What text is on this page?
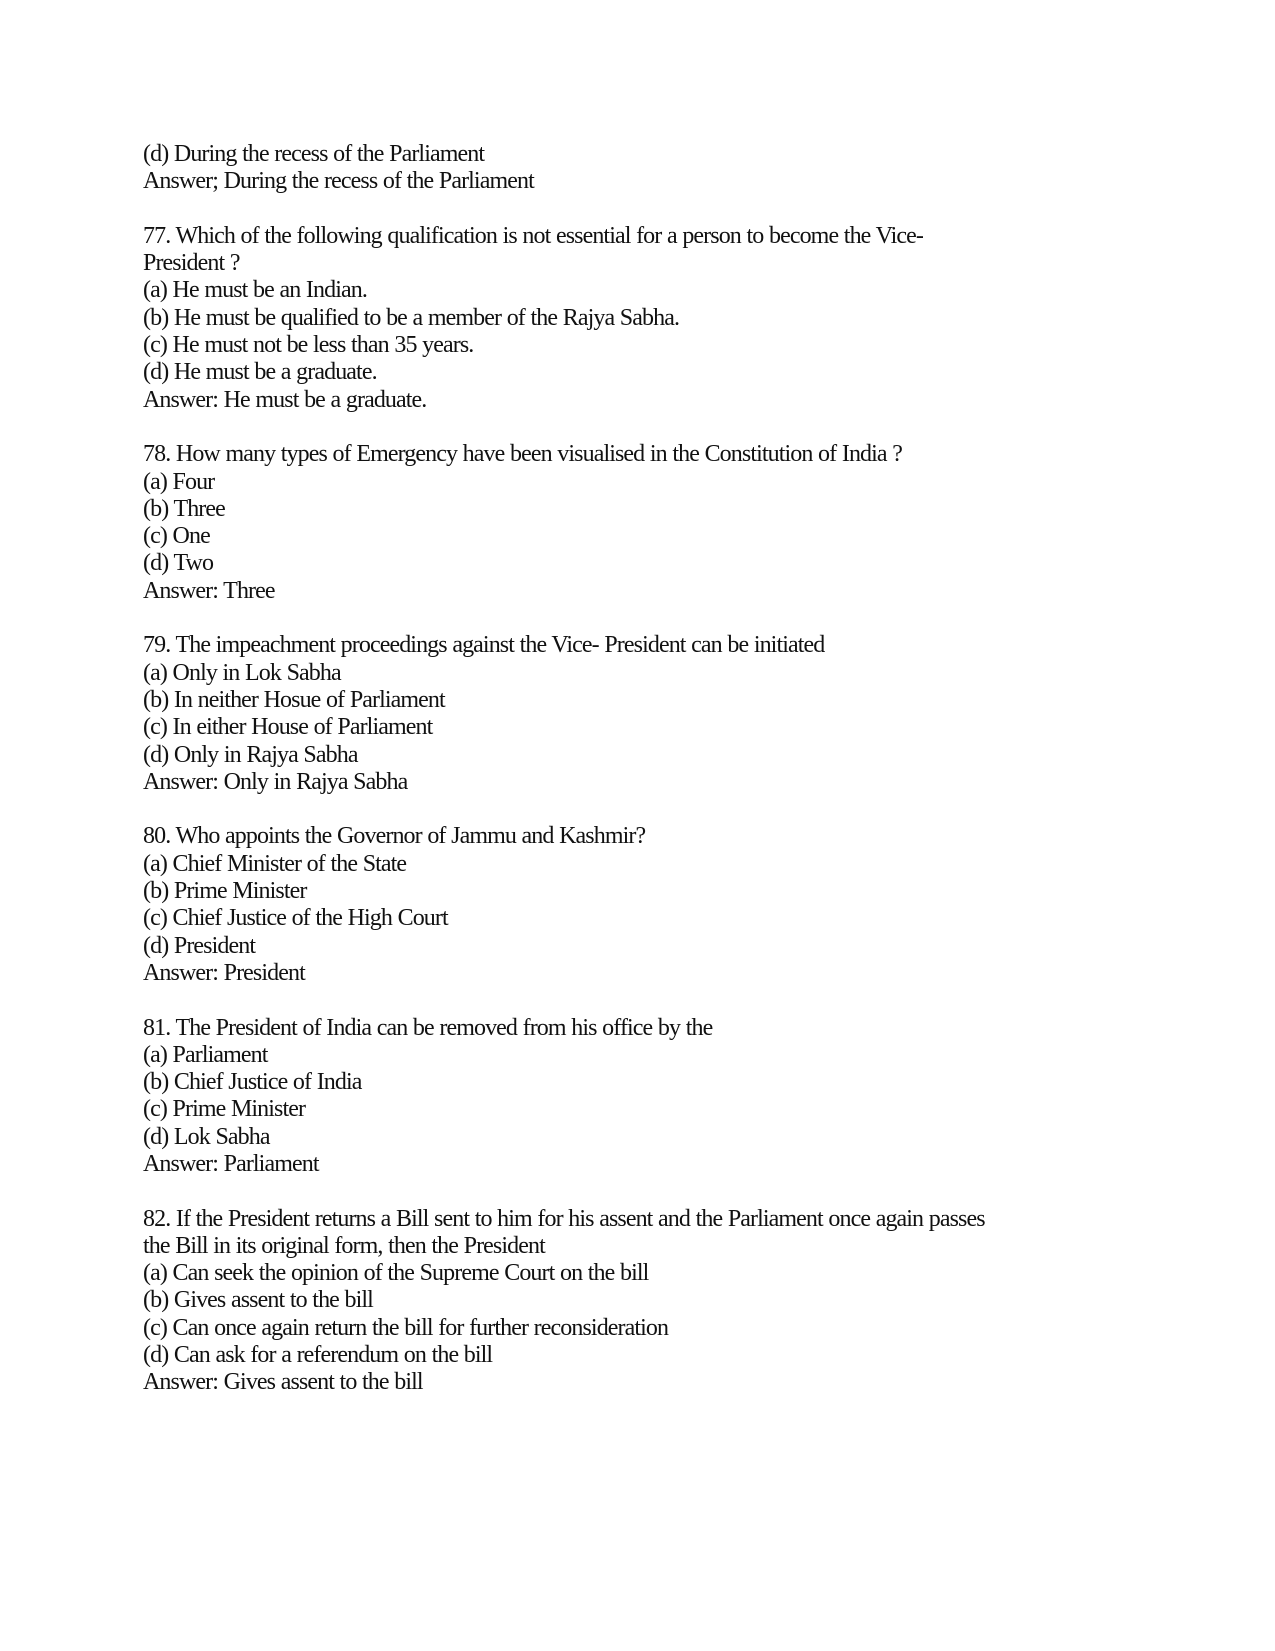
(d) During the recess of the Parliament
Answer; During the recess of the Parliament
77. Which of the following qualification is not essential for a person to become the Vice-
President ?
(a) He must be an Indian.
(b) He must be qualified to be a member of the Rajya Sabha.
(c) He must not be less than 35 years.
(d) He must be a graduate.
Answer: He must be a graduate.
78. How many types of Emergency have been visualised in the Constitution of India ?
(a) Four
(b) Three
(c) One
(d) Two
Answer: Three
79. The impeachment proceedings against the Vice- President can be initiated
(a) Only in Lok Sabha
(b) In neither Hosue of Parliament
(c) In either House of Parliament
(d) Only in Rajya Sabha
Answer: Only in Rajya Sabha
80. Who appoints the Governor of Jammu and Kashmir?
(a) Chief Minister of the State
(b) Prime Minister
(c) Chief Justice of the High Court
(d) President
Answer: President
81. The President of India can be removed from his office by the
(a) Parliament
(b) Chief Justice of India
(c) Prime Minister
(d) Lok Sabha
Answer: Parliament
82. If the President returns a Bill sent to him for his assent and the Parliament once again passes
the Bill in its original form, then the President
(a) Can seek the opinion of the Supreme Court on the bill
(b) Gives assent to the bill
(c) Can once again return the bill for further reconsideration
(d) Can ask for a referendum on the bill
Answer: Gives assent to the bill
